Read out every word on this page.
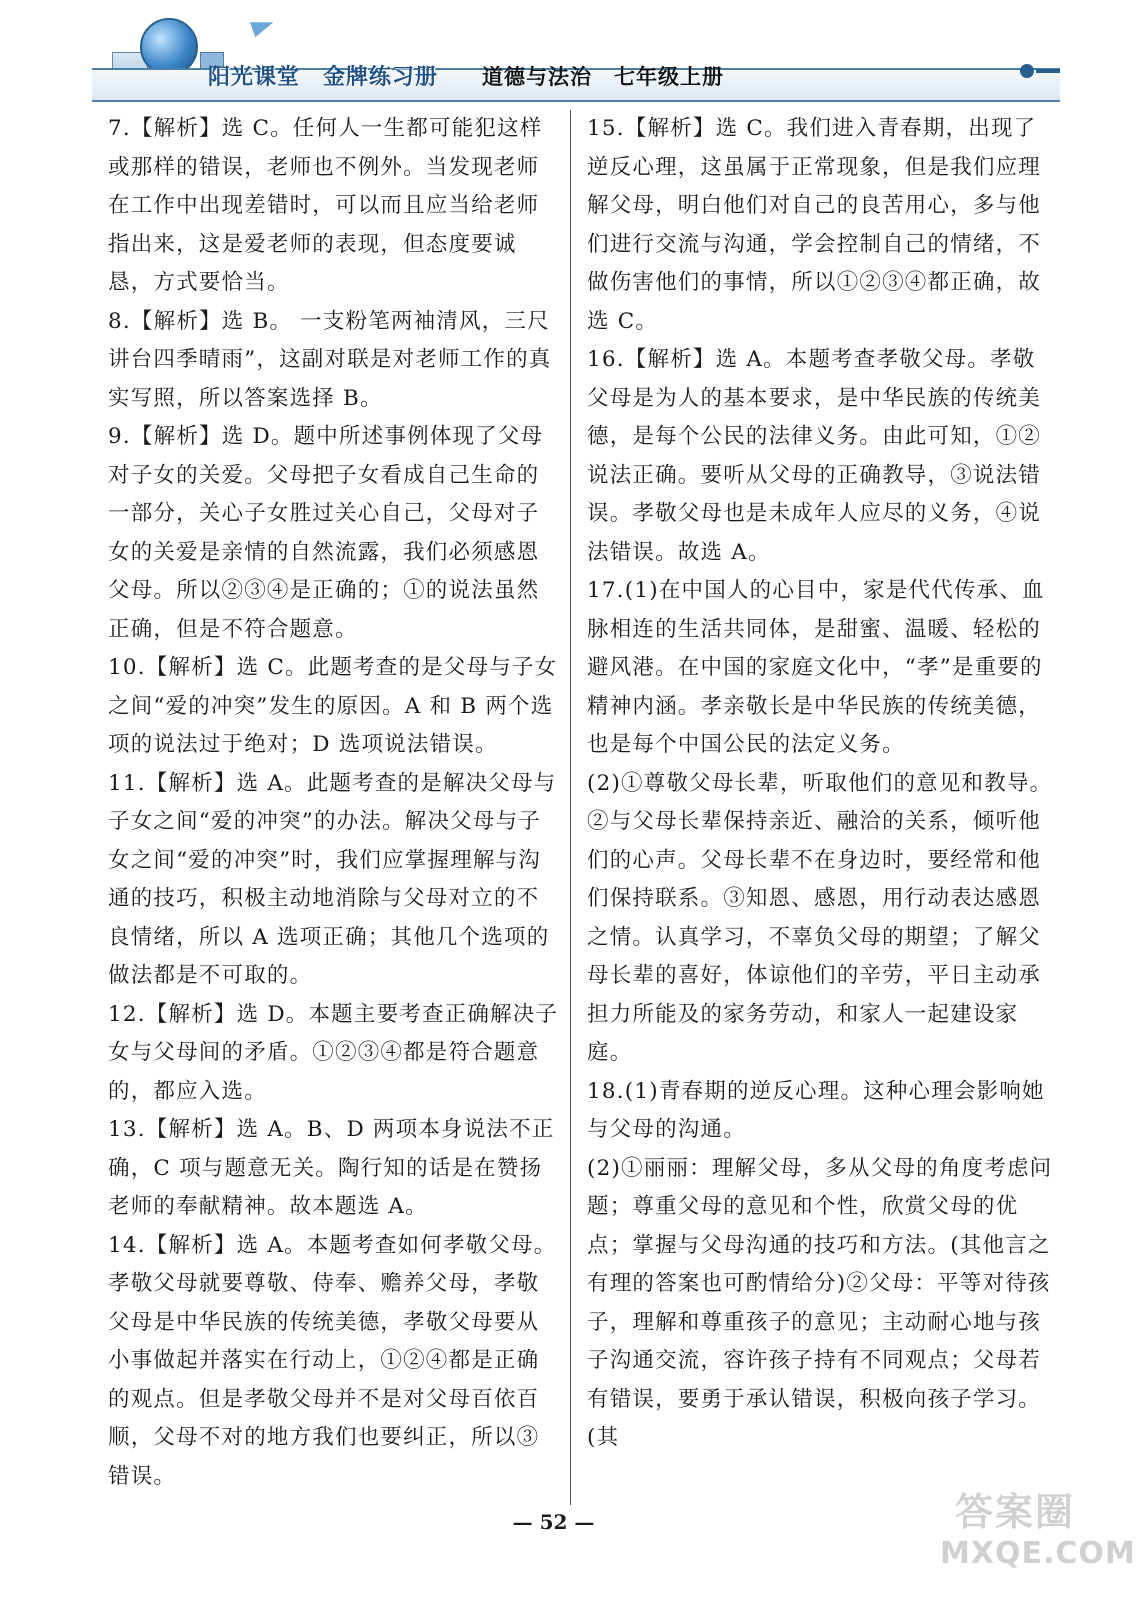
阳光课堂　金牌练习册 道德与法治　七年级上册

7.【解析】选 C。任何人一生都可能犯这样或那样的错误，老师也不例外。当发现老师在工作中出现差错时，可以而且应当给老师指出来，这是爱老师的表现，但态度要诚恳，方式要恰当。

8.【解析】选 B。 一支粉笔两袖清风，三尺讲台四季晴雨”，这副对联是对老师工作的真实写照，所以答案选择 B。

9.【解析】选 D。题中所述事例体现了父母对子女的关爱。父母把子女看成自己生命的一部分，关心子女胜过关心自己，父母对子女的关爱是亲情的自然流露，我们必须感恩父母。所以②③④是正确的；①的说法虽然正确，但是不符合题意。

10.【解析】选 C。此题考查的是父母与子女之间“爱的冲突”发生的原因。A 和 B 两个选项的说法过于绝对；D 选项说法错误。

11.【解析】选 A。此题考查的是解决父母与子女之间“爱的冲突”的办法。解决父母与子女之间“爱的冲突”时，我们应掌握理解与沟通的技巧，积极主动地消除与父母对立的不良情绪，所以 A 选项正确；其他几个选项的做法都是不可取的。

12.【解析】选 D。本题主要考查正确解决子女与父母间的矛盾。①②③④都是符合题意的，都应入选。

13.【解析】选 A。B、D 两项本身说法不正确，C 项与题意无关。陶行知的话是在赞扬老师的奉献精神。故本题选 A。

14.【解析】选 A。本题考查如何孝敬父母。孝敬父母就要尊敬、侍奉、赡养父母，孝敬父母是中华民族的传统美德，孝敬父母要从小事做起并落实在行动上，①②④都是正确的观点。但是孝敬父母并不是对父母百依百顺，父母不对的地方我们也要纠正，所以③错误。

15.【解析】选 C。我们进入青春期，出现了逆反心理，这虽属于正常现象，但是我们应理解父母，明白他们对自己的良苦用心，多与他们进行交流与沟通，学会控制自己的情绪，不做伤害他们的事情，所以①②③④都正确，故选 C。

16.【解析】选 A。本题考查孝敬父母。孝敬父母是为人的基本要求，是中华民族的传统美德，是每个公民的法律义务。由此可知，①②说法正确。要听从父母的正确教导，③说法错误。孝敬父母也是未成年人应尽的义务，④说法错误。故选 A。

17.(1)在中国人的心目中，家是代代传承、血脉相连的生活共同体，是甜蜜、温暖、轻松的避风港。在中国的家庭文化中，“孝”是重要的精神内涵。孝亲敬长是中华民族的传统美德，也是每个中国公民的法定义务。

(2)①尊敬父母长辈，听取他们的意见和教导。②与父母长辈保持亲近、融洽的关系，倾听他们的心声。父母长辈不在身边时，要经常和他们保持联系。③知恩、感恩，用行动表达感恩之情。认真学习，不辜负父母的期望；了解父母长辈的喜好，体谅他们的辛劳，平日主动承担力所能及的家务劳动，和家人一起建设家庭。

18.(1)青春期的逆反心理。这种心理会影响她与父母的沟通。

(2)①丽丽：理解父母，多从父母的角度考虑问题；尊重父母的意见和个性，欣赏父母的优点；掌握与父母沟通的技巧和方法。(其他言之有理的答案也可酌情给分)②父母：平等对待孩子，理解和尊重孩子的意见；主动耐心地与孩子沟通交流，容许孩子持有不同观点；父母若有错误，要勇于承认错误，积极向孩子学习。(其

— 52 —	答案圈
MXQE.COM
